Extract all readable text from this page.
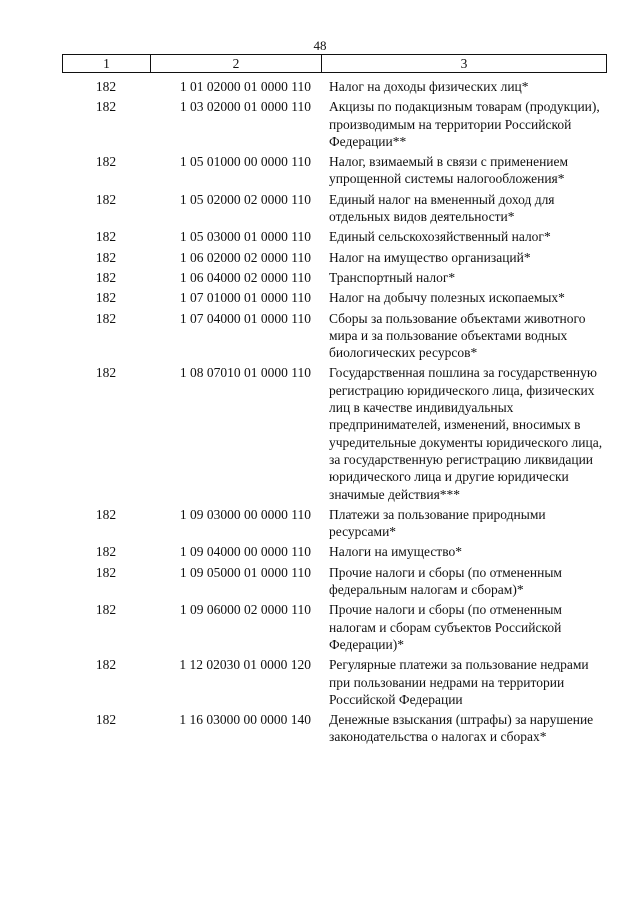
48
1	2	3
182	1 01 02000 01 0000 110	Налог на доходы физических лиц*
182	1 03 02000 01 0000 110	Акцизы по подакцизным товарам (продукции), производимым на территории Российской Федерации**
182	1 05 01000 00 0000 110	Налог, взимаемый в связи с применением упрощенной системы налогообложения*
182	1 05 02000 02 0000 110	Единый налог на вмененный доход для отдельных видов деятельности*
182	1 05 03000 01 0000 110	Единый сельскохозяйственный налог*
182	1 06 02000 02 0000 110	Налог на имущество организаций*
182	1 06 04000 02 0000 110	Транспортный налог*
182	1 07 01000 01 0000 110	Налог на добычу полезных ископаемых*
182	1 07 04000 01 0000 110	Сборы за пользование объектами животного мира и за пользование объектами водных биологических ресурсов*
182	1 08 07010 01 0000 110	Государственная пошлина за государственную регистрацию юридического лица, физических лиц в качестве индивидуальных предпринимателей, изменений, вносимых в учредительные документы юридического лица, за государственную регистрацию ликвидации юридического лица и другие юридически значимые действия***
182	1 09 03000 00 0000 110	Платежи за пользование природными ресурсами*
182	1 09 04000 00 0000 110	Налоги на имущество*
182	1 09 05000 01 0000 110	Прочие налоги и сборы (по отмененным федеральным налогам и сборам)*
182	1 09 06000 02 0000 110	Прочие налоги и сборы (по отмененным налогам и сборам субъектов Российской Федерации)*
182	1 12 02030 01 0000 120	Регулярные платежи за пользование недрами при пользовании недрами на территории Российской Федерации
182	1 16 03000 00 0000 140	Денежные взыскания (штрафы) за нарушение законодательства о налогах и сборах*
